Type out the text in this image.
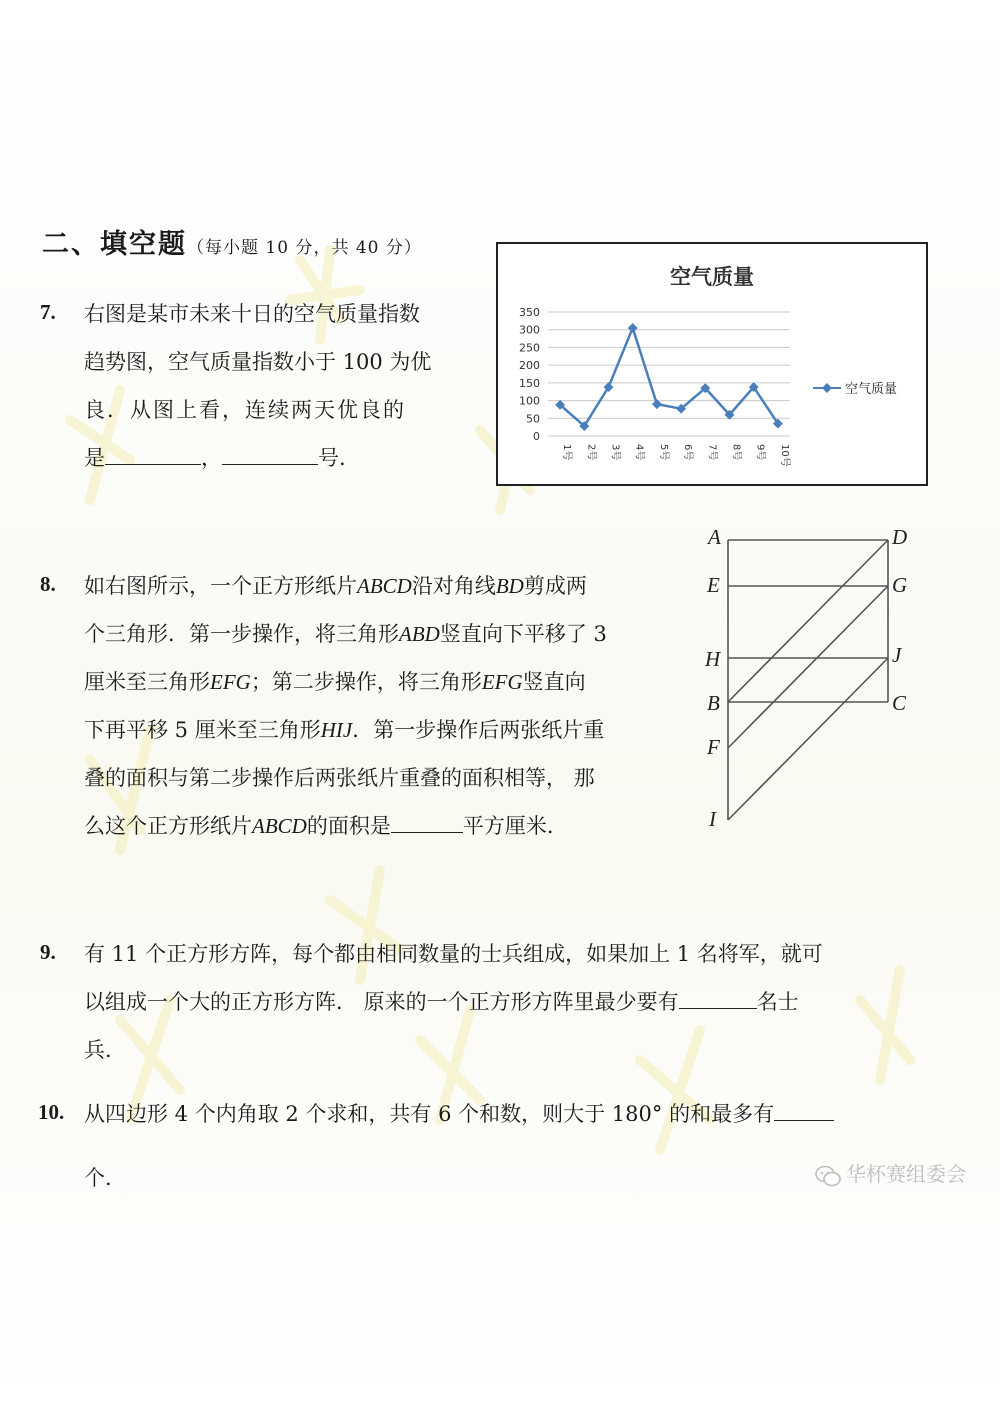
二、填空题（每小题 10 分，共 40 分）
7. 右图是某市未来十日的空气质量指数
趋势图，空气质量指数小于 100 为优
良．从图上看，连续两天优良的
是	，	号.
空气质量
0
50
100
150
200
250
300
350
1号 2号 3号 4号 5号 6号 7号 8号 9号 10号
空气质量
8. 如右图所示，一个正方形纸片ABCD沿对角线BD剪成两
个三角形．第一步操作，将三角形ABD竖直向下平移了 3
厘米至三角形EFG；第二步操作，将三角形EFG竖直向
下再平移 5 厘米至三角形HIJ．第一步操作后两张纸片重
叠的面积与第二步操作后两张纸片重叠的面积相等， 那
么这个正方形纸片ABCD的面积是	平方厘米.
A	D
E	G
H	J
B	C
F
I
9. 有 11 个正方形方阵，每个都由相同数量的士兵组成，如果加上 1 名将军，就可
以组成一个大的正方形方阵． 原来的一个正方形方阵里最少要有	名士
兵.
10. 从四边形 4 个内角取 2 个求和，共有 6 个和数，则大于 180° 的和最多有
个.	华杯赛组委会
